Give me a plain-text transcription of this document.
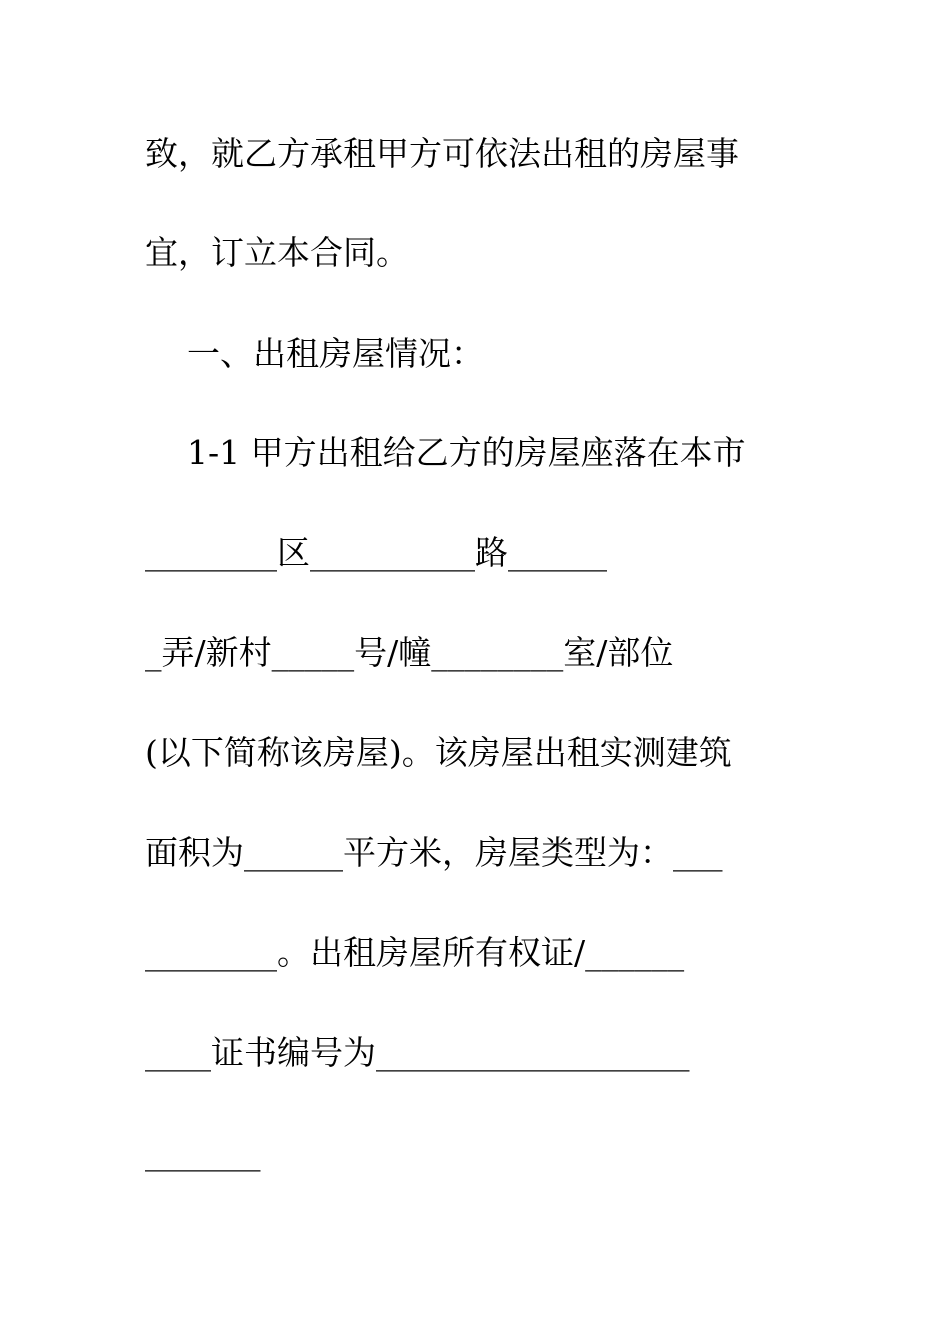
致，就乙方承租甲方可依法出租的房屋事
宜，订立本合同。
一、出租房屋情况：
1-1 甲方出租给乙方的房屋座落在本市
________区__________路______
_弄/新村_____号/幢________室/部位
(以下简称该房屋)。该房屋出租实测建筑
面积为______平方米，房屋类型为：___
________。出租房屋所有权证/______
____证书编号为___________________
_______
